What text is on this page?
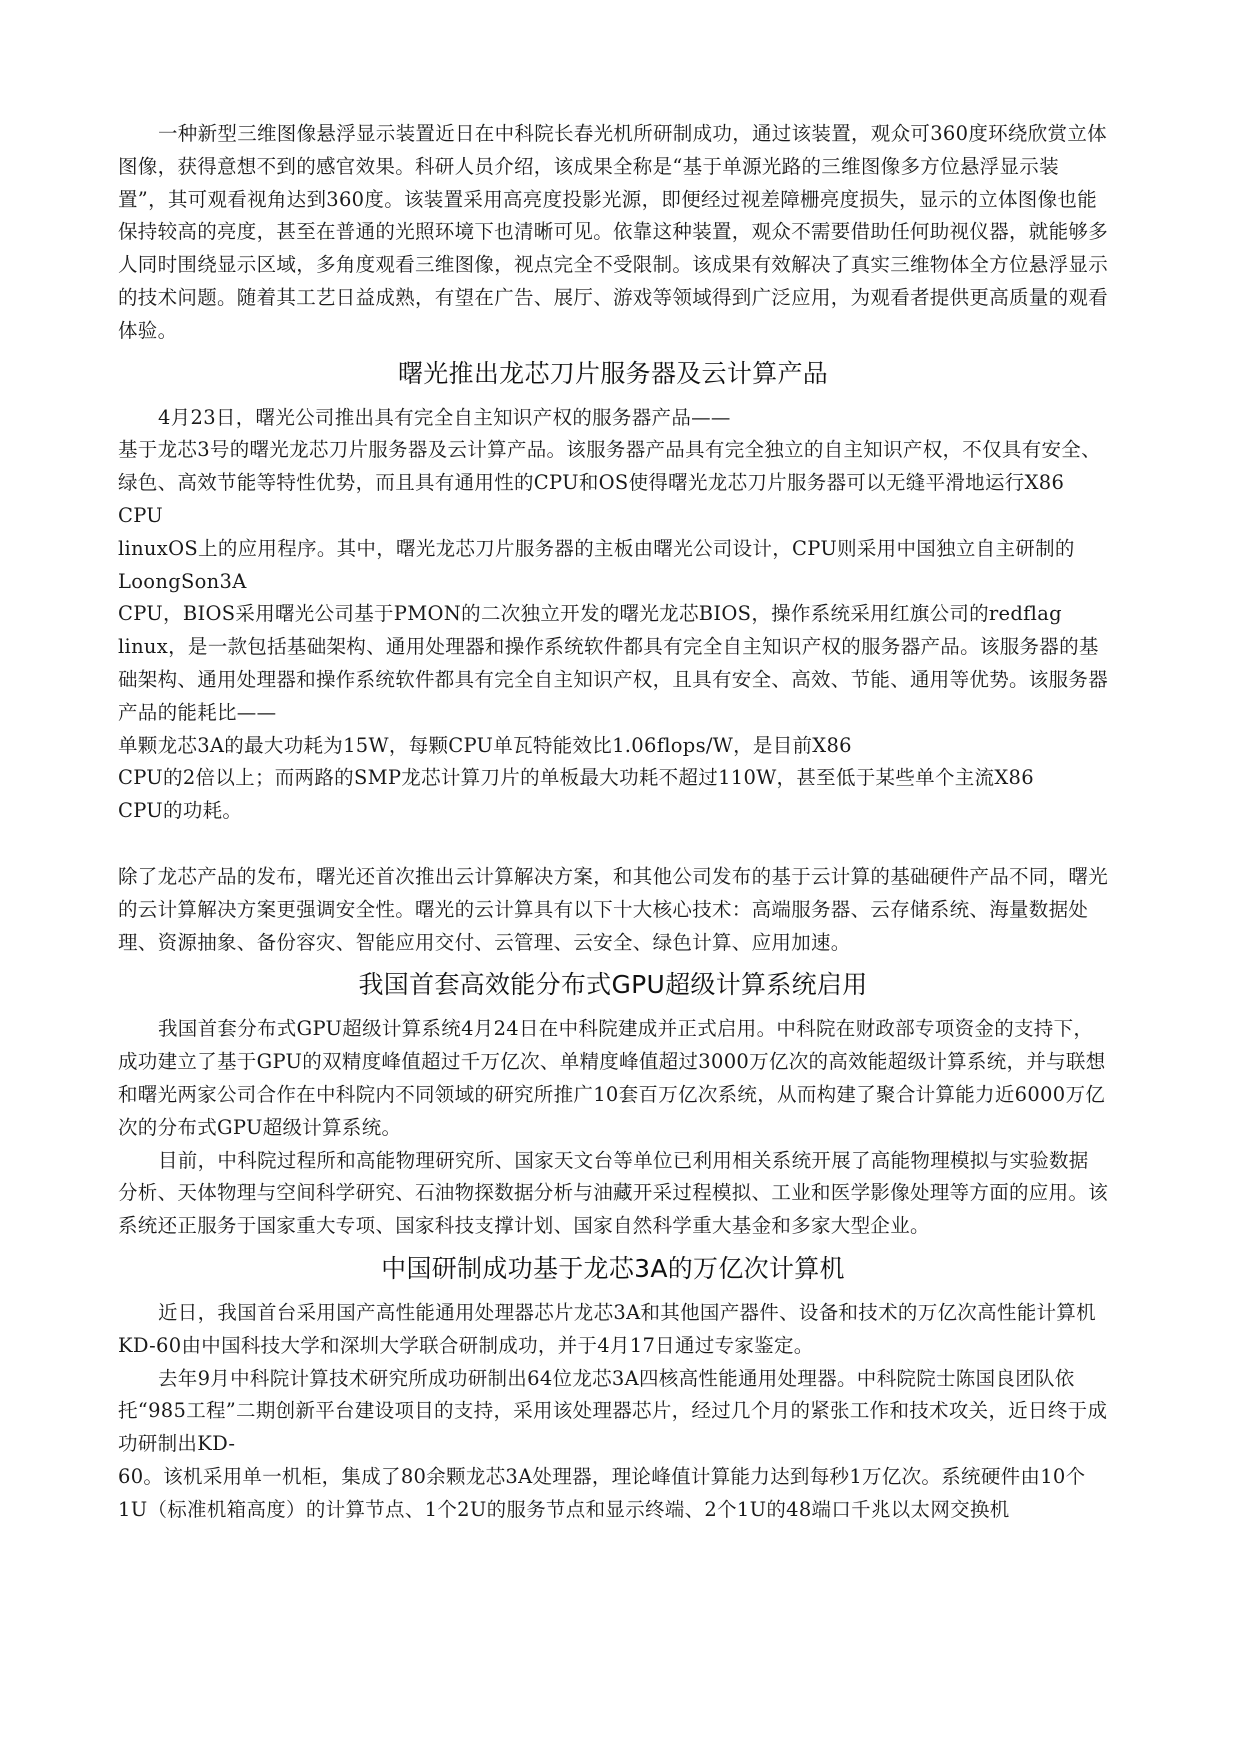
一种新型三维图像悬浮显示装置近日在中科院长春光机所研制成功，通过该装置，观众可360度环绕欣赏立体图像，获得意想不到的感官效果。科研人员介绍，该成果全称是“基于单源光路的三维图像多方位悬浮显示装置”，其可观看视角达到360度。该装置采用高亮度投影光源，即便经过视差障栅亮度损失，显示的立体图像也能保持较高的亮度，甚至在普通的光照环境下也清晰可见。依靠这种装置，观众不需要借助任何助视仪器，就能够多人同时围绕显示区域，多角度观看三维图像，视点完全不受限制。该成果有效解决了真实三维物体全方位悬浮显示的技术问题。随着其工艺日益成熟，有望在广告、展厅、游戏等领域得到广泛应用，为观看者提供更高质量的观看体验。

曙光推出龙芯刀片服务器及云计算产品

4月23日，曙光公司推出具有完全自主知识产权的服务器产品——

基于龙芯3号的曙光龙芯刀片服务器及云计算产品。该服务器产品具有完全独立的自主知识产权，不仅具有安全、绿色、高效节能等特性优势，而且具有通用性的CPU和OS使得曙光龙芯刀片服务器可以无缝平滑地运行X86 CPU

linuxOS上的应用程序。其中，曙光龙芯刀片服务器的主板由曙光公司设计，CPU则采用中国独立自主研制的LoongSon3A

CPU，BIOS采用曙光公司基于PMON的二次独立开发的曙光龙芯BIOS，操作系统采用红旗公司的redflag linux，是一款包括基础架构、通用处理器和操作系统软件都具有完全自主知识产权的服务器产品。该服务器的基础架构、通用处理器和操作系统软件都具有完全自主知识产权，且具有安全、高效、节能、通用等优势。该服务器产品的能耗比——

单颗龙芯3A的最大功耗为15W，每颗CPU单瓦特能效比1.06flops/W，是目前X86

CPU的2倍以上；而两路的SMP龙芯计算刀片的单板最大功耗不超过110W，甚至低于某些单个主流X86

CPU的功耗。

除了龙芯产品的发布，曙光还首次推出云计算解决方案，和其他公司发布的基于云计算的基础硬件产品不同，曙光的云计算解决方案更强调安全性。曙光的云计算具有以下十大核心技术：高端服务器、云存储系统、海量数据处理、资源抽象、备份容灾、智能应用交付、云管理、云安全、绿色计算、应用加速。

我国首套高效能分布式GPU超级计算系统启用

我国首套分布式GPU超级计算系统4月24日在中科院建成并正式启用。中科院在财政部专项资金的支持下，成功建立了基于GPU的双精度峰值超过千万亿次、单精度峰值超过3000万亿次的高效能超级计算系统，并与联想和曙光两家公司合作在中科院内不同领域的研究所推广10套百万亿次系统，从而构建了聚合计算能力近6000万亿次的分布式GPU超级计算系统。

目前，中科院过程所和高能物理研究所、国家天文台等单位已利用相关系统开展了高能物理模拟与实验数据分析、天体物理与空间科学研究、石油物探数据分析与油藏开采过程模拟、工业和医学影像处理等方面的应用。该系统还正服务于国家重大专项、国家科技支撑计划、国家自然科学重大基金和多家大型企业。

中国研制成功基于龙芯3A的万亿次计算机

近日，我国首台采用国产高性能通用处理器芯片龙芯3A和其他国产器件、设备和技术的万亿次高性能计算机KD-60由中国科技大学和深圳大学联合研制成功，并于4月17日通过专家鉴定。

去年9月中科院计算技术研究所成功研制出64位龙芯3A四核高性能通用处理器。中科院院士陈国良团队依托“985工程”二期创新平台建设项目的支持，采用该处理器芯片，经过几个月的紧张工作和技术攻关，近日终于成功研制出KD-

60。该机采用单一机柜，集成了80余颗龙芯3A处理器，理论峰值计算能力达到每秒1万亿次。系统硬件由10个1U（标准机箱高度）的计算节点、1个2U的服务节点和显示终端、2个1U的48端口千兆以太网交换机
